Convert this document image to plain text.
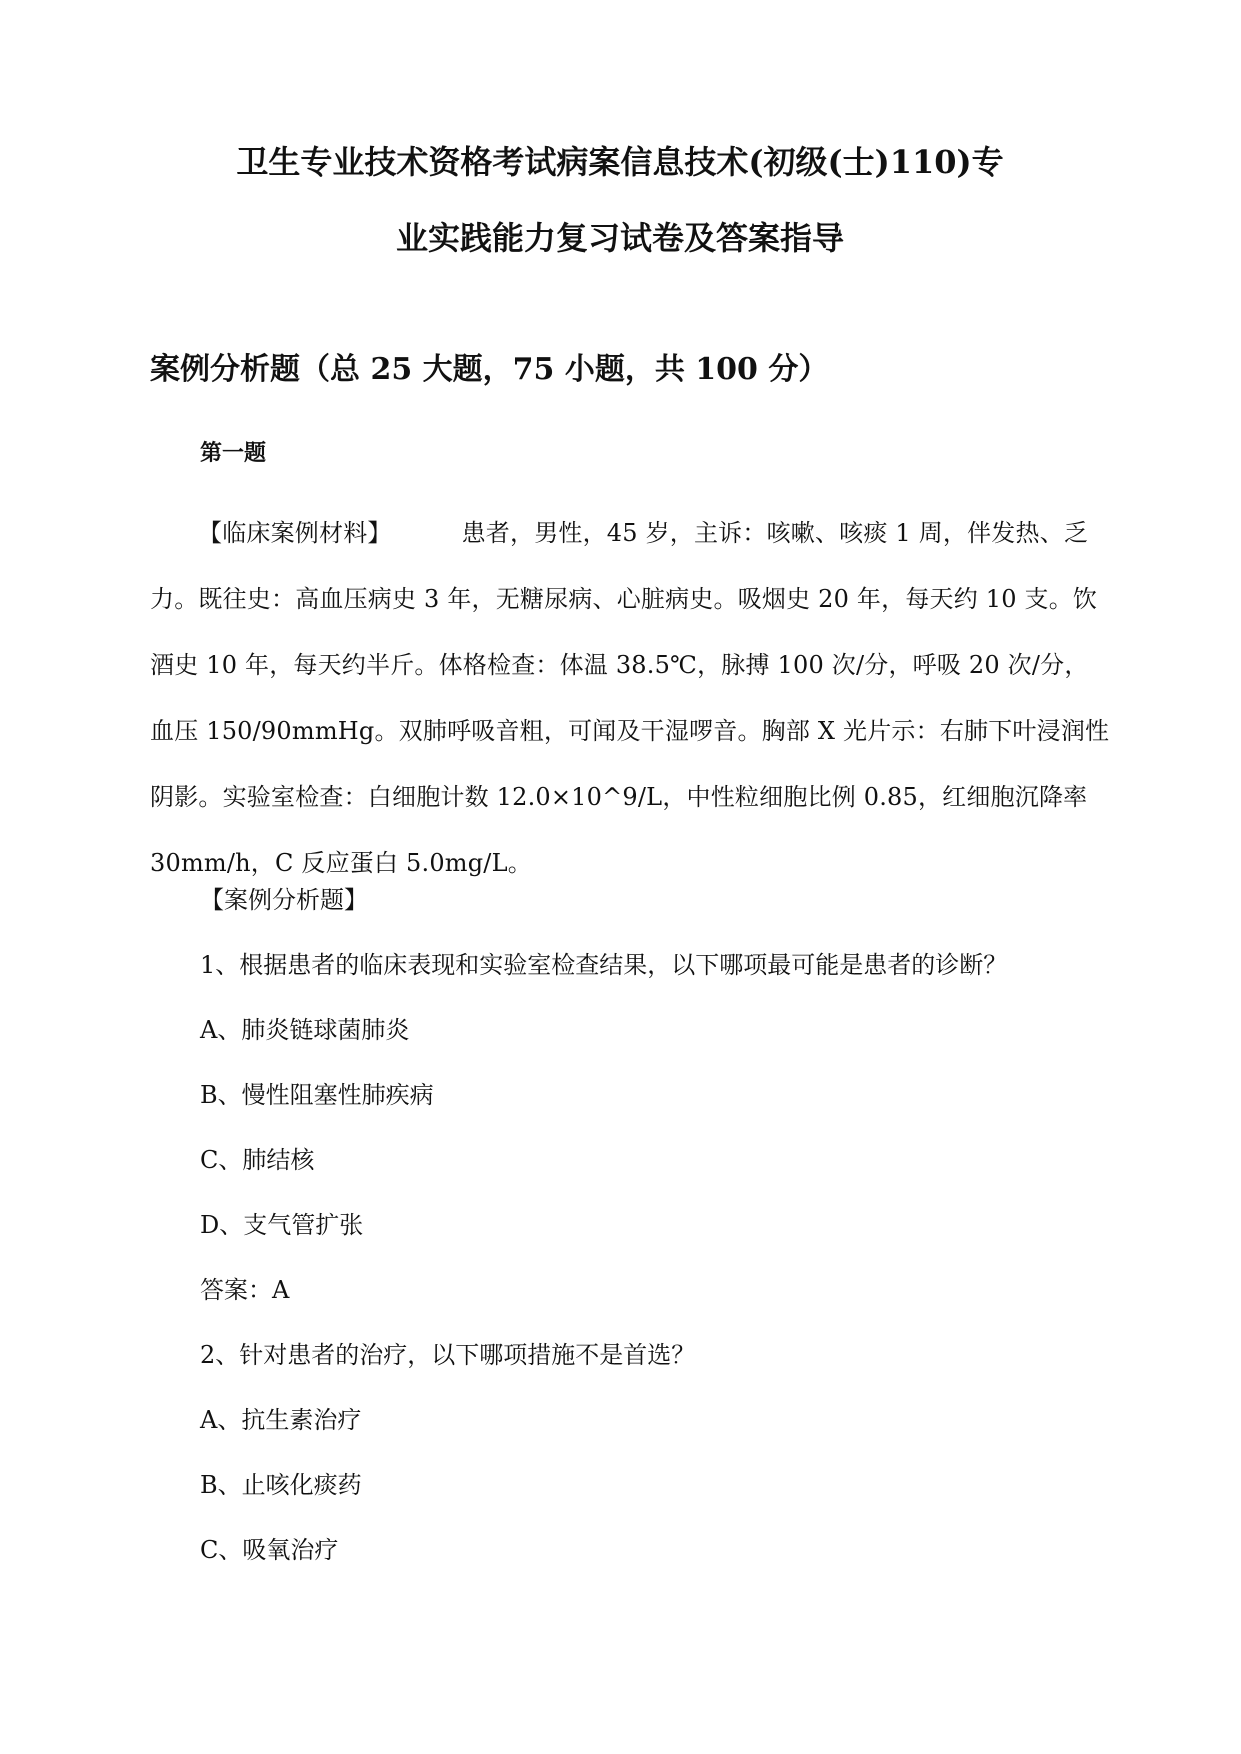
卫生专业技术资格考试病案信息技术(初级(士)110)专
业实践能力复习试卷及答案指导
案例分析题（总 25 大题，75 小题，共 100 分）
第一题
【临床案例材料】	患者，男性，45 岁，主诉：咳嗽、咳痰 1 周，伴发热、乏
力。既往史：高血压病史 3 年，无糖尿病、心脏病史。吸烟史 20 年，每天约 10 支。饮
酒史 10 年，每天约半斤。体格检查：体温 38.5℃，脉搏 100 次/分，呼吸 20 次/分，
血压 150/90mmHg。双肺呼吸音粗，可闻及干湿啰音。胸部 X 光片示：右肺下叶浸润性
阴影。实验室检查：白细胞计数 12.0×10^9/L，中性粒细胞比例 0.85，红细胞沉降率
30mm/h，C 反应蛋白 5.0mg/L。
【案例分析题】
1、根据患者的临床表现和实验室检查结果，以下哪项最可能是患者的诊断？
A、肺炎链球菌肺炎
B、慢性阻塞性肺疾病
C、肺结核
D、支气管扩张
答案：A
2、针对患者的治疗，以下哪项措施不是首选？
A、抗生素治疗
B、止咳化痰药
C、吸氧治疗
